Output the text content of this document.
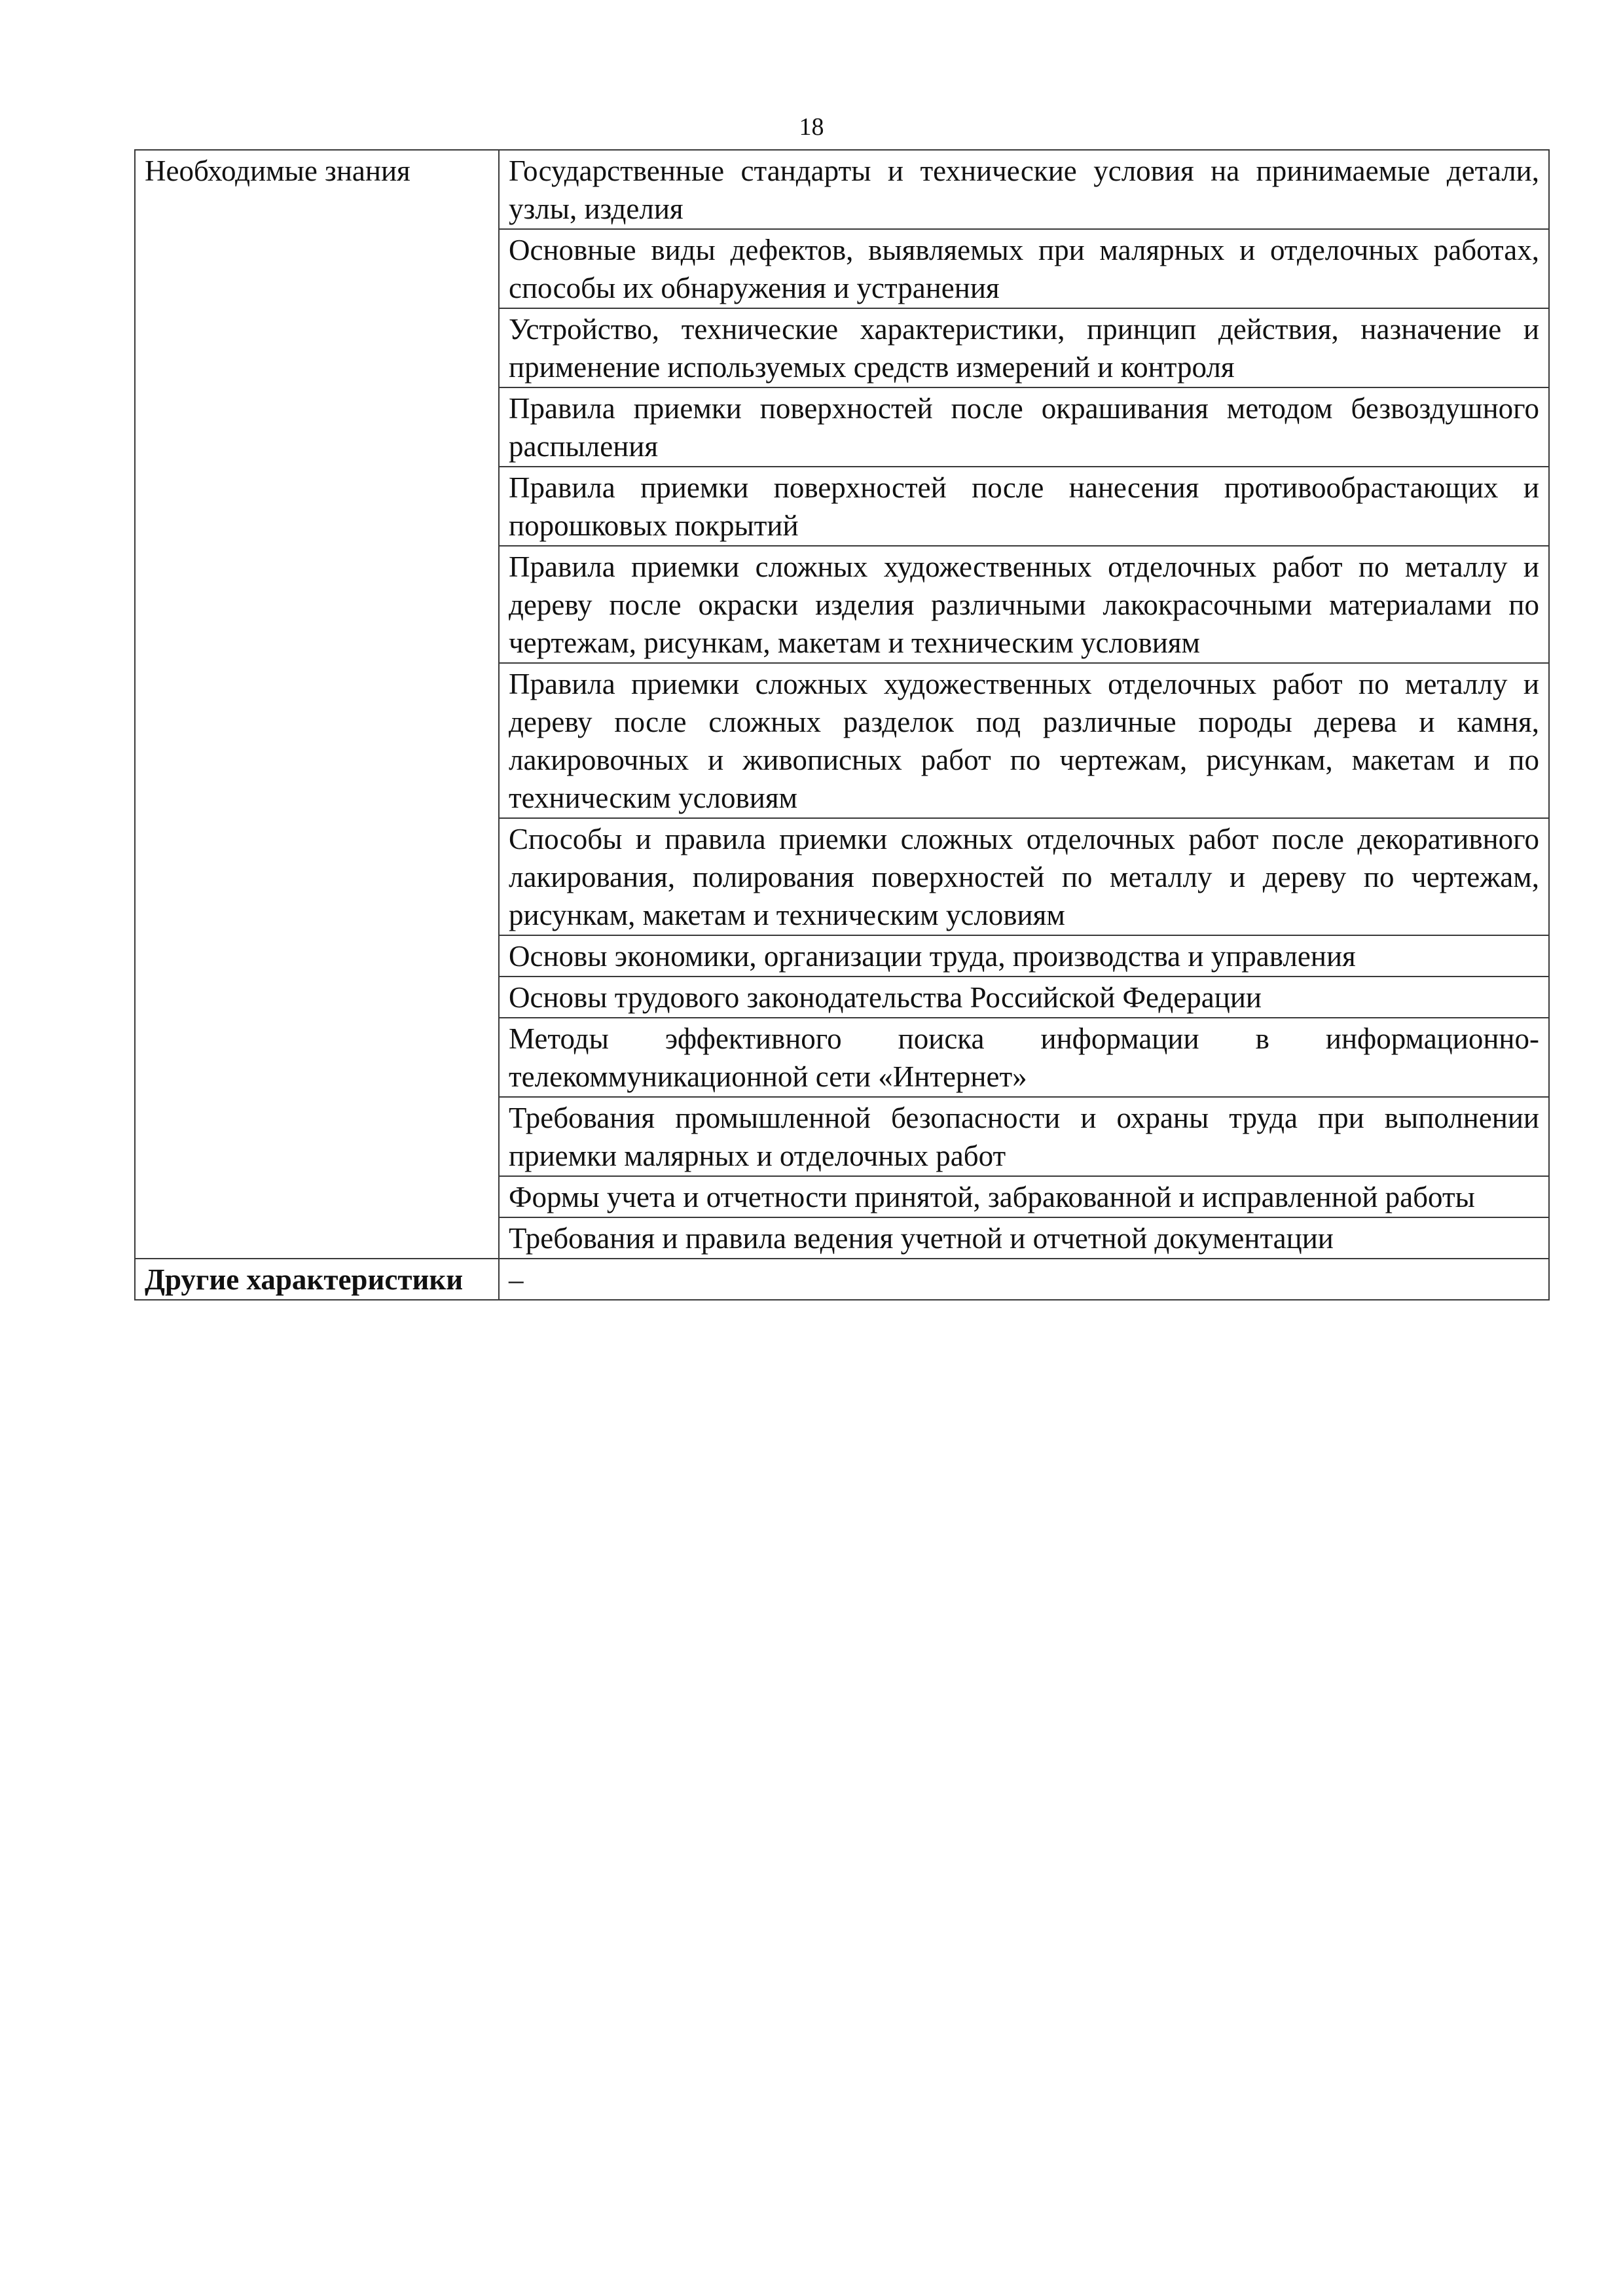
18
Необходимые знания	Государственные стандарты и технические условия на принимаемые детали, узлы, изделия
	Основные виды дефектов, выявляемых при малярных и отделочных работах, способы их обнаружения и устранения
	Устройство, технические характеристики, принцип действия, назначение и применение используемых средств измерений и контроля
	Правила приемки поверхностей после окрашивания методом безвоздушного распыления
	Правила приемки поверхностей после нанесения противообрастающих и порошковых покрытий
	Правила приемки сложных художественных отделочных работ по металлу и дереву после окраски изделия различными лакокрасочными материалами по чертежам, рисункам, макетам и техническим условиям
	Правила приемки сложных художественных отделочных работ по металлу и дереву после сложных разделок под различные породы дерева и камня, лакировочных и живописных работ по чертежам, рисункам, макетам и по техническим условиям
	Способы и правила приемки сложных отделочных работ после декоративного лакирования, полирования поверхностей по металлу и дереву по чертежам, рисункам, макетам и техническим условиям
	Основы экономики, организации труда, производства и управления
	Основы трудового законодательства Российской Федерации
	Методы эффективного поиска информации в информационно-телекоммуникационной сети «Интернет»
	Требования промышленной безопасности и охраны труда при выполнении приемки малярных и отделочных работ
	Формы учета и отчетности принятой, забракованной и исправленной работы
	Требования и правила ведения учетной и отчетной документации
Другие характеристики	–
